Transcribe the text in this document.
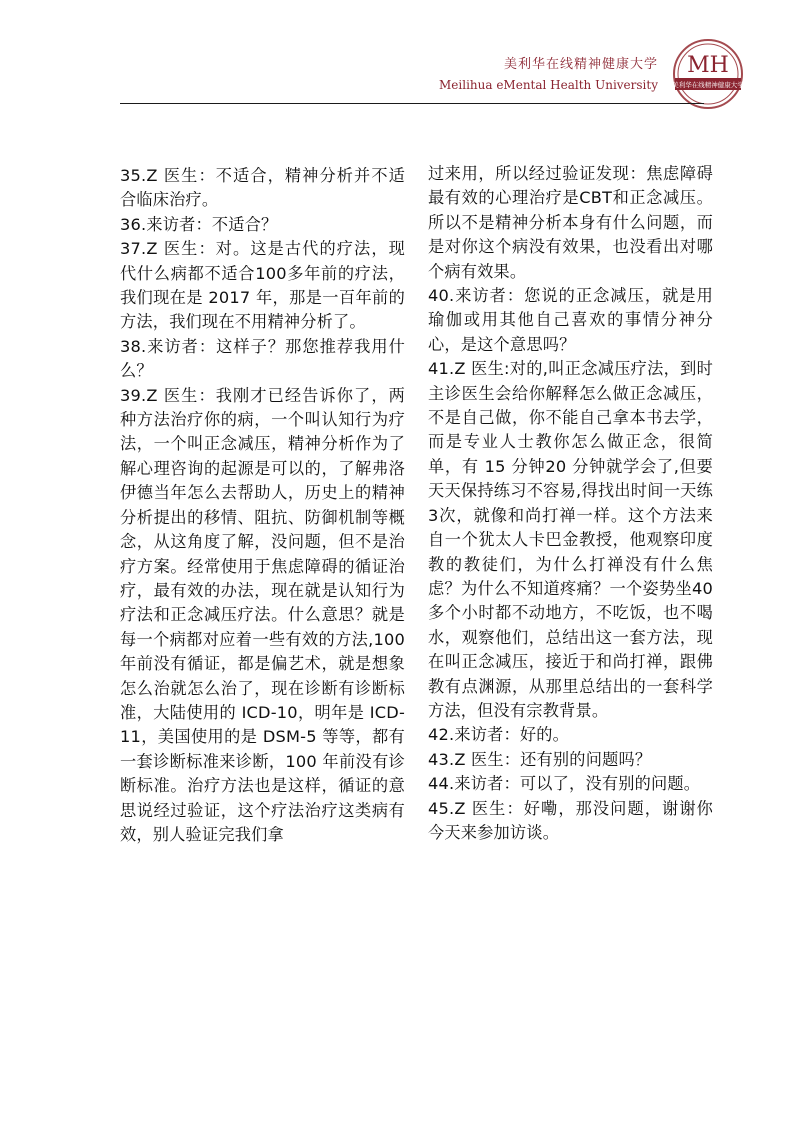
美利华在线精神健康大学
Meilihua eMental Health University
MH
美利华在线精神健康大学

35.Z 医生：不适合，精神分析并不适合临床治疗。

36.来访者：不适合？

37.Z 医生：对。这是古代的疗法，现代什么病都不适合100多年前的疗法，我们现在是 2017 年，那是一百年前的方法，我们现在不用精神分析了。

38.来访者：这样子？那您推荐我用什么？

39.Z 医生：我刚才已经告诉你了，两种方法治疗你的病，一个叫认知行为疗法，一个叫正念减压，精神分析作为了解心理咨询的起源是可以的，了解弗洛伊德当年怎么去帮助人，历史上的精神分析提出的移情、阻抗、防御机制等概念，从这角度了解，没问题，但不是治疗方案。经常使用于焦虑障碍的循证治疗，最有效的办法，现在就是认知行为疗法和正念减压疗法。什么意思？就是每一个病都对应着一些有效的方法,100 年前没有循证，都是偏艺术，就是想象怎么治就怎么治了，现在诊断有诊断标准，大陆使用的 ICD-10，明年是 ICD-11，美国使用的是 DSM-5 等等，都有一套诊断标准来诊断，100 年前没有诊断标准。治疗方法也是这样，循证的意思说经过验证，这个疗法治疗这类病有效，别人验证完我们拿

过来用，所以经过验证发现：焦虑障碍最有效的心理治疗是CBT和正念减压。所以不是精神分析本身有什么问题，而是对你这个病没有效果，也没看出对哪个病有效果。

40.来访者：您说的正念减压，就是用瑜伽或用其他自己喜欢的事情分神分心，是这个意思吗？

41.Z 医生:对的,叫正念减压疗法，到时主诊医生会给你解释怎么做正念减压，不是自己做，你不能自己拿本书去学，而是专业人士教你怎么做正念，很简单，有 15 分钟20 分钟就学会了,但要天天保持练习不容易,得找出时间一天练3次，就像和尚打禅一样。这个方法来自一个犹太人卡巴金教授，他观察印度教的教徒们，为什么打禅没有什么焦虑？为什么不知道疼痛？一个姿势坐40多个小时都不动地方，不吃饭，也不喝水，观察他们，总结出这一套方法，现在叫正念减压，接近于和尚打禅，跟佛教有点渊源，从那里总结出的一套科学方法，但没有宗教背景。

42.来访者：好的。

43.Z 医生：还有别的问题吗？

44.来访者：可以了，没有别的问题。

45.Z 医生：好嘞，那没问题，谢谢你今天来参加访谈。
